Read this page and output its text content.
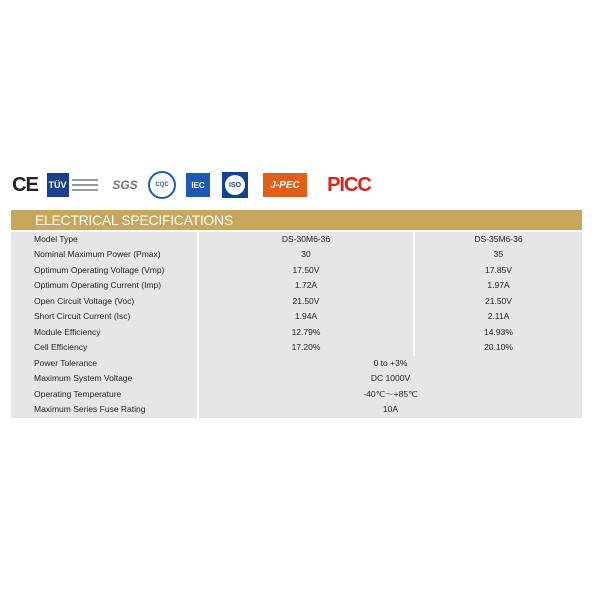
CE TÜV	SGS	CQC	IEC	ISO	J-PEC	PICC
ELECTRICAL SPECIFICATIONS
Model Type	DS-30M6-36	DS-35M6-36
Nominal Maximum Power (Pmax)	30	35
Optimum Operating Voltage (Vmp)	17.50V	17.85V
Optimum Operating Current (Imp)	1.72A	1.97A
Open Circuit Voltage (Voc)	21.50V	21.50V
Short Circuit Current (Isc)	1.94A	2.11A
Module Efficiency	12.79%	14.93%
Cell Efficiency	17.20%	20.10%
Power Tolerance	0 to +3%
Maximum System Voltage	DC 1000V
Operating Temperature	-40℃～+85℃
Maximum Series Fuse Rating	10A
